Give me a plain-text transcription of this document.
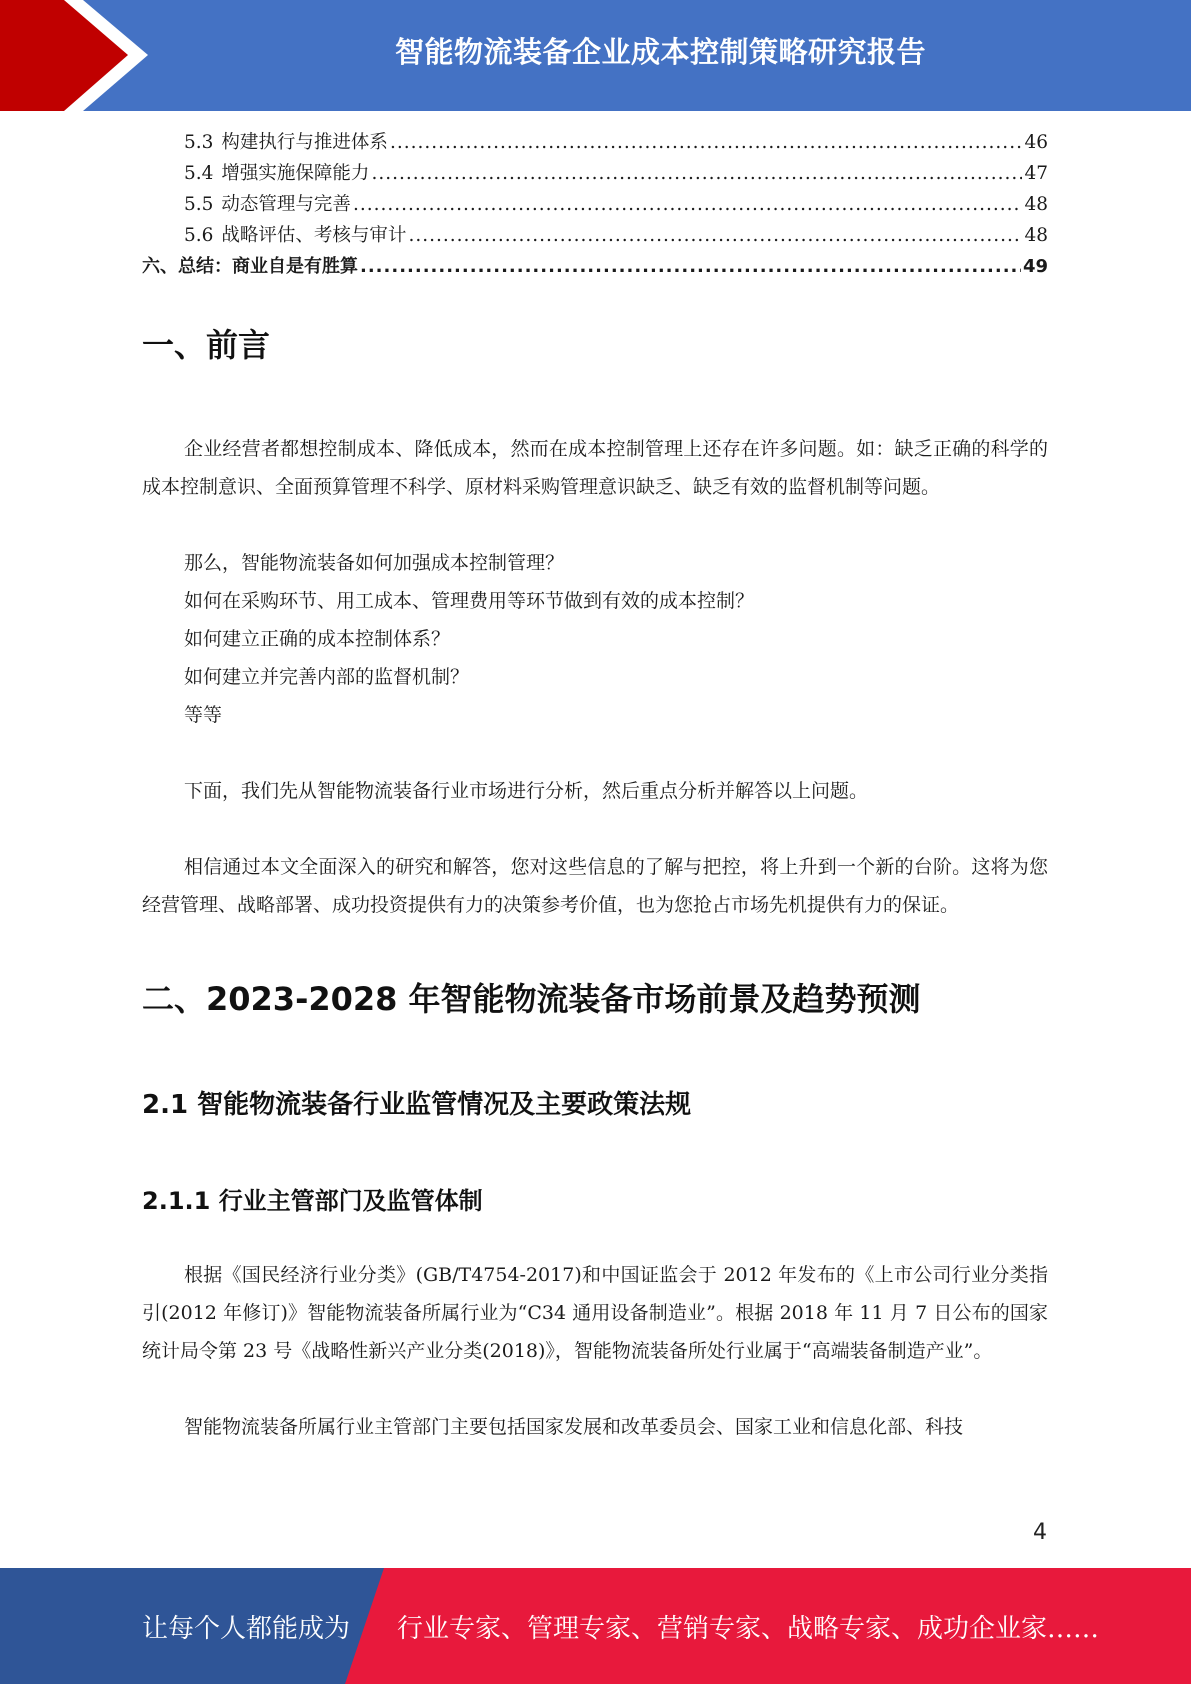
智能物流装备企业成本控制策略研究报告
5.3 构建执行与推进体系 .....	46
5.4 增强实施保障能力 .....	47
5.5 动态管理与完善 .....	48
5.6 战略评估、考核与审计 .....	48
六、总结：商业自是有胜算 .....	49
一、前言

企业经营者都想控制成本、降低成本，然而在成本控制管理上还存在许多问题。如：缺乏正确的科学的成本控制意识、全面预算管理不科学、原材料采购管理意识缺乏、缺乏有效的监督机制等问题。

那么，智能物流装备如何加强成本控制管理？
如何在采购环节、用工成本、管理费用等环节做到有效的成本控制？
如何建立正确的成本控制体系？
如何建立并完善内部的监督机制？
等等

下面，我们先从智能物流装备行业市场进行分析，然后重点分析并解答以上问题。

相信通过本文全面深入的研究和解答，您对这些信息的了解与把控，将上升到一个新的台阶。这将为您经营管理、战略部署、成功投资提供有力的决策参考价值，也为您抢占市场先机提供有力的保证。

二、2023-2028 年智能物流装备市场前景及趋势预测
2.1 智能物流装备行业监管情况及主要政策法规
2.1.1 行业主管部门及监管体制

根据《国民经济行业分类》(GB/T4754-2017)和中国证监会于 2012 年发布的《上市公司行业分类指引(2012 年修订)》智能物流装备所属行业为“C34 通用设备制造业”。根据 2018 年 11 月 7 日公布的国家统计局令第 23 号《战略性新兴产业分类(2018)》，智能物流装备所处行业属于“高端装备制造产业”。

智能物流装备所属行业主管部门主要包括国家发展和改革委员会、国家工业和信息化部、科技

4
让每个人都能成为 行业专家、管理专家、营销专家、战略专家、成功企业家……
